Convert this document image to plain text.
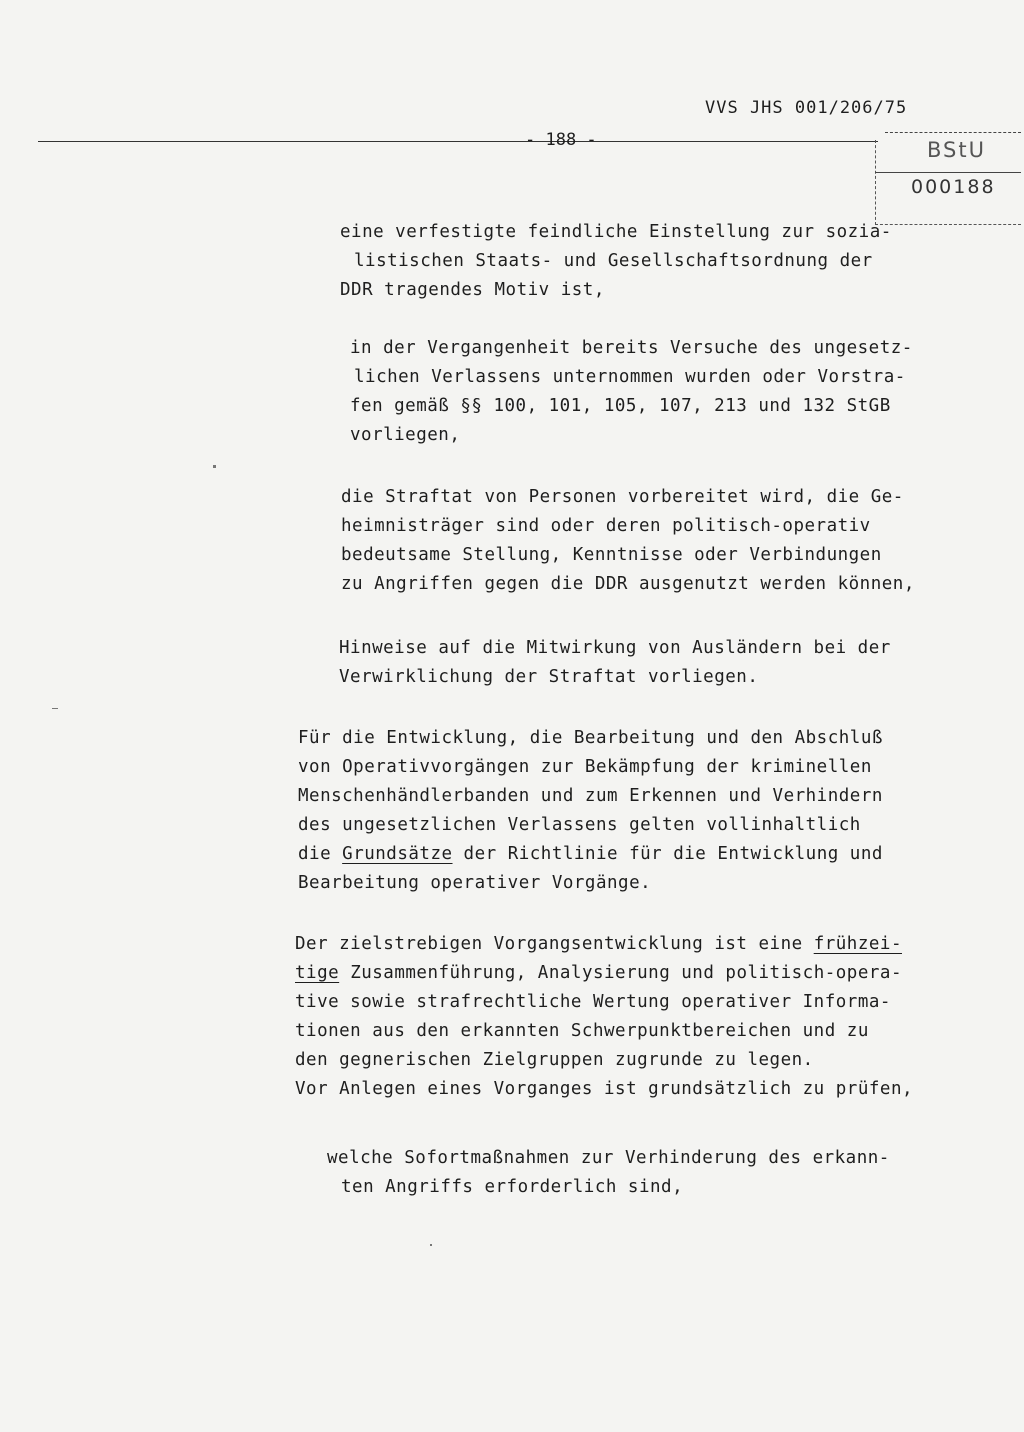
VVS JHS 001/206/75
- 188 -	BStU
000188
eine verfestigte feindliche Einstellung zur sozia-
listischen Staats- und Gesellschaftsordnung der
DDR tragendes Motiv ist,
in der Vergangenheit bereits Versuche des ungesetz-
lichen Verlassens unternommen wurden oder Vorstra-
fen gemäß §§ 100, 101, 105, 107, 213 und 132 StGB
vorliegen,
die Straftat von Personen vorbereitet wird, die Ge-
heimnisträger sind oder deren politisch-operativ
bedeutsame Stellung, Kenntnisse oder Verbindungen
zu Angriffen gegen die DDR ausgenutzt werden können,
Hinweise auf die Mitwirkung von Ausländern bei der
Verwirklichung der Straftat vorliegen.
Für die Entwicklung, die Bearbeitung und den Abschluß
von Operativvorgängen zur Bekämpfung der kriminellen
Menschenhändlerbanden und zum Erkennen und Verhindern
des ungesetzlichen Verlassens gelten vollinhaltlich
die Grundsätze der Richtlinie für die Entwicklung und
Bearbeitung operativer Vorgänge.
Der zielstrebigen Vorgangsentwicklung ist eine frühzei-
tige Zusammenführung, Analysierung und politisch-opera-
tive sowie strafrechtliche Wertung operativer Informa-
tionen aus den erkannten Schwerpunktbereichen und zu
den gegnerischen Zielgruppen zugrunde zu legen.
Vor Anlegen eines Vorganges ist grundsätzlich zu prüfen,
welche Sofortmaßnahmen zur Verhinderung des erkann-
ten Angriffs erforderlich sind,
